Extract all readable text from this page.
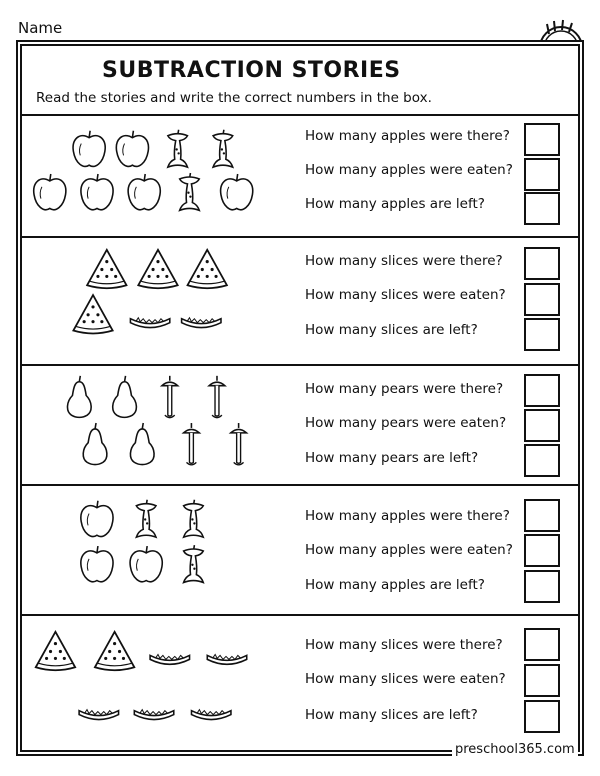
Name
SUBTRACTION STORIES
Read the stories and write the correct numbers in the box.
How many apples were there?
How many apples were eaten?
How many apples are left?
How many slices were there?
How many slices were eaten?
How many slices are left?
How many pears were there?
How many pears were eaten?
How many pears are left?
How many apples were there?
How many apples were eaten?
How many apples are left?
How many slices were there?
How many slices were eaten?
How many slices are left?
preschool365.com
